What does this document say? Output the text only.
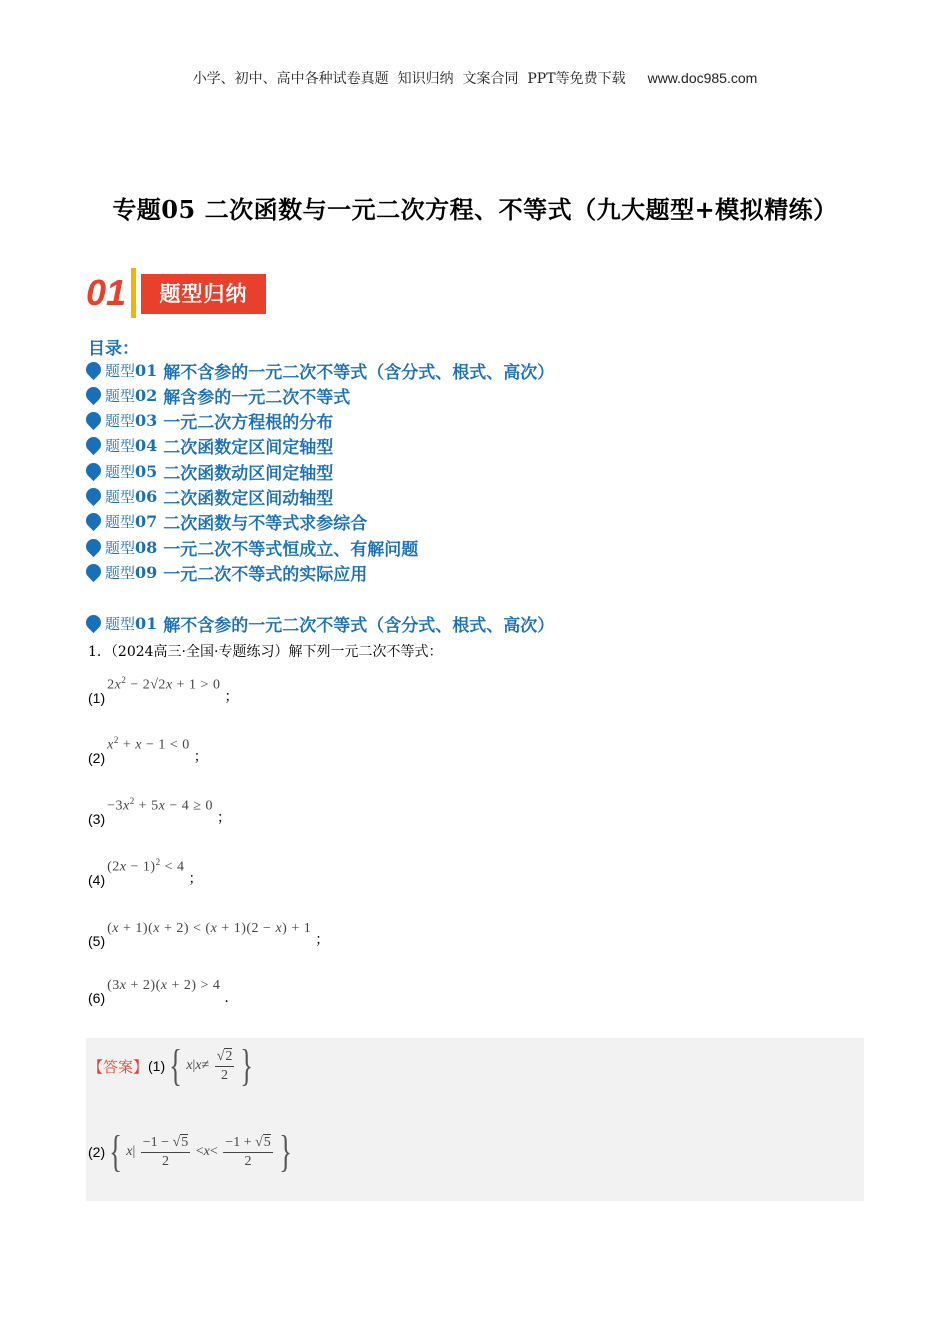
小学、初中、高中各种试卷真题  知识归纳  文案合同  PPT等免费下载 www.doc985.com
专题05 二次函数与一元二次方程、不等式（九大题型+模拟精练）
01	题型归纳
目录：
题型01 解不含参的一元二次不等式（含分式、根式、高次）
题型02 解含参的一元二次不等式
题型03 一元二次方程根的分布
题型04 二次函数定区间定轴型
题型05 二次函数动区间定轴型
题型06 二次函数定区间动轴型
题型07 二次函数与不等式求参综合
题型08 一元二次不等式恒成立、有解问题
题型09 一元二次不等式的实际应用
题型01 解不含参的一元二次不等式（含分式、根式、高次）
1．（2024高三·全国·专题练习）解下列一元二次不等式：
(1)
$2x^2 - 2√2x + 1 > 0$
；
(2)
$x^2 + x - 1 < 0$
；
(3)
$-3x^2 + 5x - 4 \ge 0$
；
(4)
$(2x - 1)^2 < 4$
；
(5)
(x + 1)(x + 2) < (x + 1)(2 − x) + 1
；
(6)
(3x + 2)(x + 2) > 4
.
【答案】 (1) { x | $x \ne \frac{√2}{2}$ }
(2) { x | $\frac{-1 - √5}{2} < x < \frac{-1 + √5}{2}$ }
